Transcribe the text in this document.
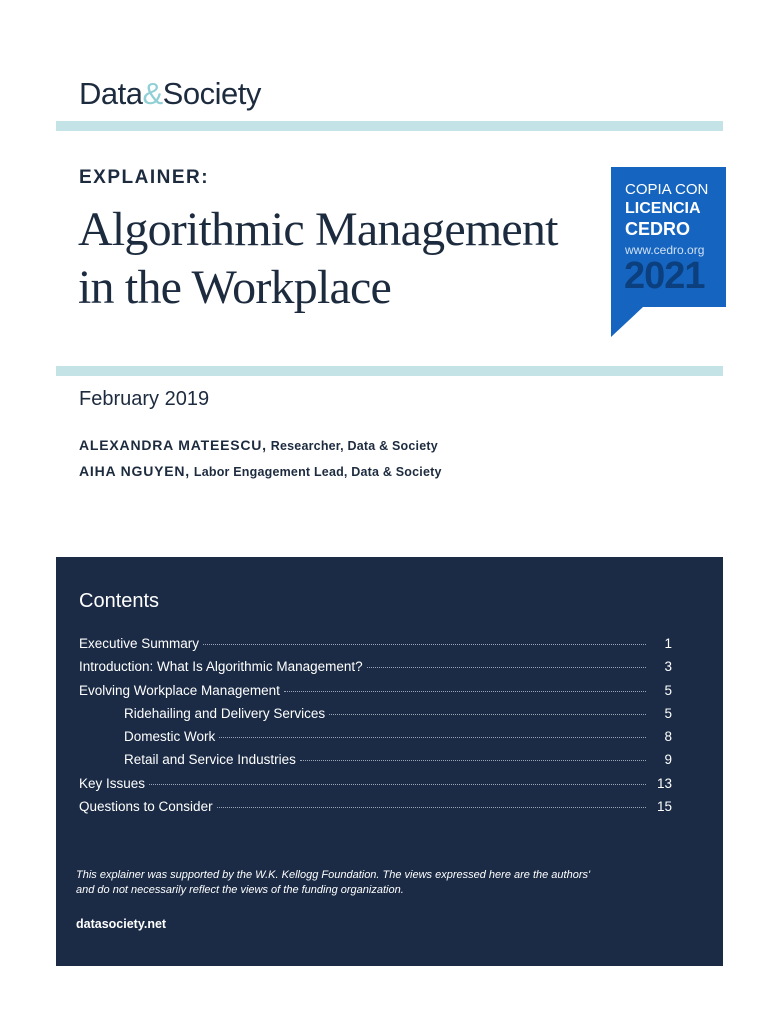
Data&Society
EXPLAINER:
Algorithmic Management
in the Workplace
COPIA CON
LICENCIA
CEDRO
www.cedro.org
2021
February 2019
ALEXANDRA MATEESCU, Researcher, Data & Society
AIHA NGUYEN, Labor Engagement Lead, Data & Society
Contents
Executive Summary	1
Introduction: What Is Algorithmic Management?	3
Evolving Workplace Management	5
Ridehailing and Delivery Services	5
Domestic Work	8
Retail and Service Industries	9
Key Issues	13
Questions to Consider	15
This explainer was supported by the W.K. Kellogg Foundation. The views expressed here are the authors'
and do not necessarily reflect the views of the funding organization.
datasociety.net
